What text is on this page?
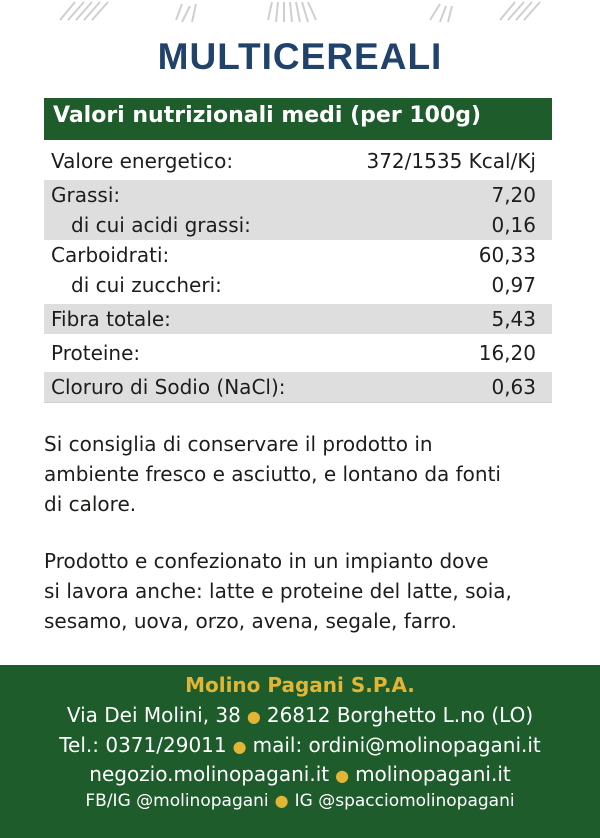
MULTICEREALI
Valori nutrizionali medi (per 100g)
Valore energetico:	372/1535 Kcal/Kj
Grassi:	7,20
di cui acidi grassi:	0,16
Carboidrati:	60,33
di cui zuccheri:	0,97
Fibra totale:	5,43
Proteine:	16,20
Cloruro di Sodio (NaCl):	0,63
Si consiglia di conservare il prodotto in
ambiente fresco e asciutto, e lontano da fonti
di calore.
Prodotto e confezionato in un impianto dove
si lavora anche: latte e proteine del latte, soia,
sesamo, uova, orzo, avena, segale, farro.
Molino Pagani S.P.A.
Via Dei Molini, 38 ● 26812 Borghetto L.no (LO)
Tel.: 0371/29011 ● mail: ordini@molinopagani.it
negozio.molinopagani.it ● molinopagani.it
FB/IG @molinopagani ● IG @spacciomolinopagani
